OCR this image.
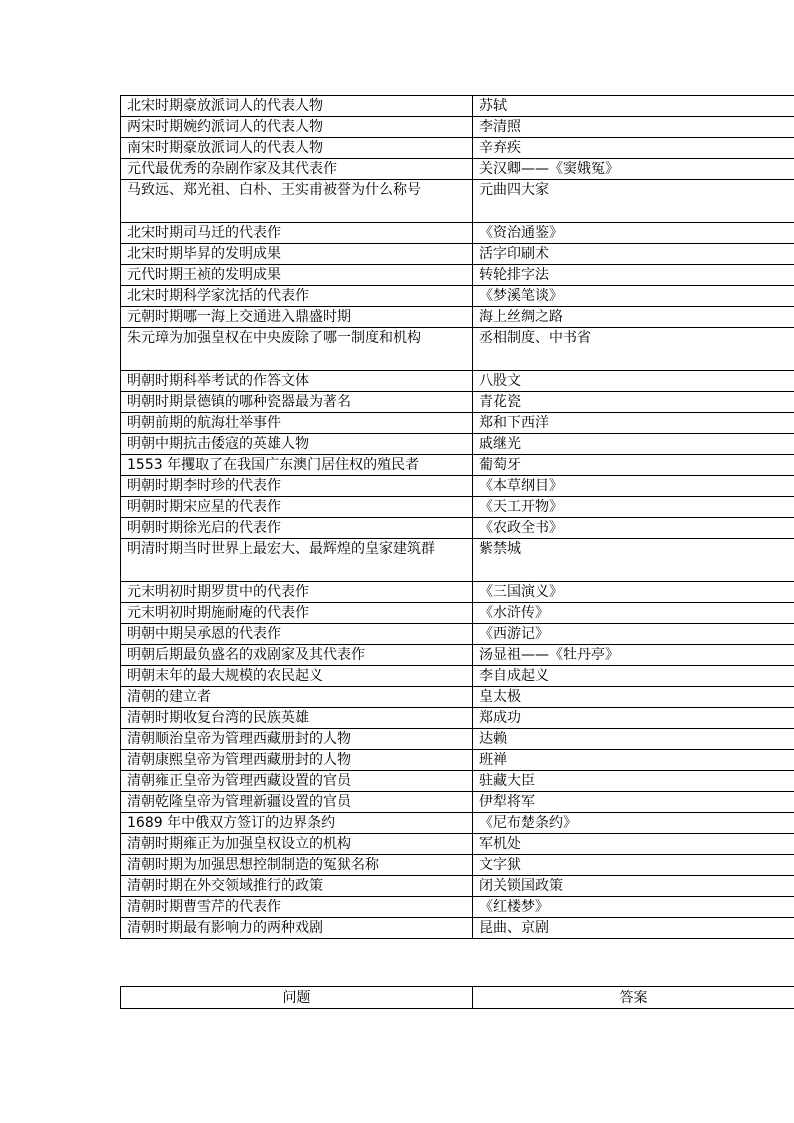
北宋时期豪放派词人的代表人物	苏轼
两宋时期婉约派词人的代表人物	李清照
南宋时期豪放派词人的代表人物	辛弃疾
元代最优秀的杂剧作家及其代表作	关汉卿——《窦娥冤》
马致远、郑光祖、白朴、王实甫被誉为什么称号	元曲四大家
北宋时期司马迁的代表作	《资治通鉴》
北宋时期毕昇的发明成果	活字印刷术
元代时期王祯的发明成果	转轮排字法
北宋时期科学家沈括的代表作	《梦溪笔谈》
元朝时期哪一海上交通进入鼎盛时期	海上丝绸之路
朱元璋为加强皇权在中央废除了哪一制度和机构	丞相制度、中书省
明朝时期科举考试的作答文体	八股文
明朝时期景德镇的哪种瓷器最为著名	青花瓷
明朝前期的航海壮举事件	郑和下西洋
明朝中期抗击倭寇的英雄人物	戚继光
1553 年攫取了在我国广东澳门居住权的殖民者	葡萄牙
明朝时期李时珍的代表作	《本草纲目》
明朝时期宋应星的代表作	《天工开物》
明朝时期徐光启的代表作	《农政全书》
明清时期当时世界上最宏大、最辉煌的皇家建筑群	紫禁城
元末明初时期罗贯中的代表作	《三国演义》
元末明初时期施耐庵的代表作	《水浒传》
明朝中期吴承恩的代表作	《西游记》
明朝后期最负盛名的戏剧家及其代表作	汤显祖——《牡丹亭》
明朝末年的最大规模的农民起义	李自成起义
清朝的建立者	皇太极
清朝时期收复台湾的民族英雄	郑成功
清朝顺治皇帝为管理西藏册封的人物	达赖
清朝康熙皇帝为管理西藏册封的人物	班禅
清朝雍正皇帝为管理西藏设置的官员	驻藏大臣
清朝乾隆皇帝为管理新疆设置的官员	伊犁将军
1689 年中俄双方签订的边界条约	《尼布楚条约》
清朝时期雍正为加强皇权设立的机构	军机处
清朝时期为加强思想控制制造的冤狱名称	文字狱
清朝时期在外交领域推行的政策	闭关锁国政策
清朝时期曹雪芹的代表作	《红楼梦》
清朝时期最有影响力的两种戏剧	昆曲、京剧
问题	答案
